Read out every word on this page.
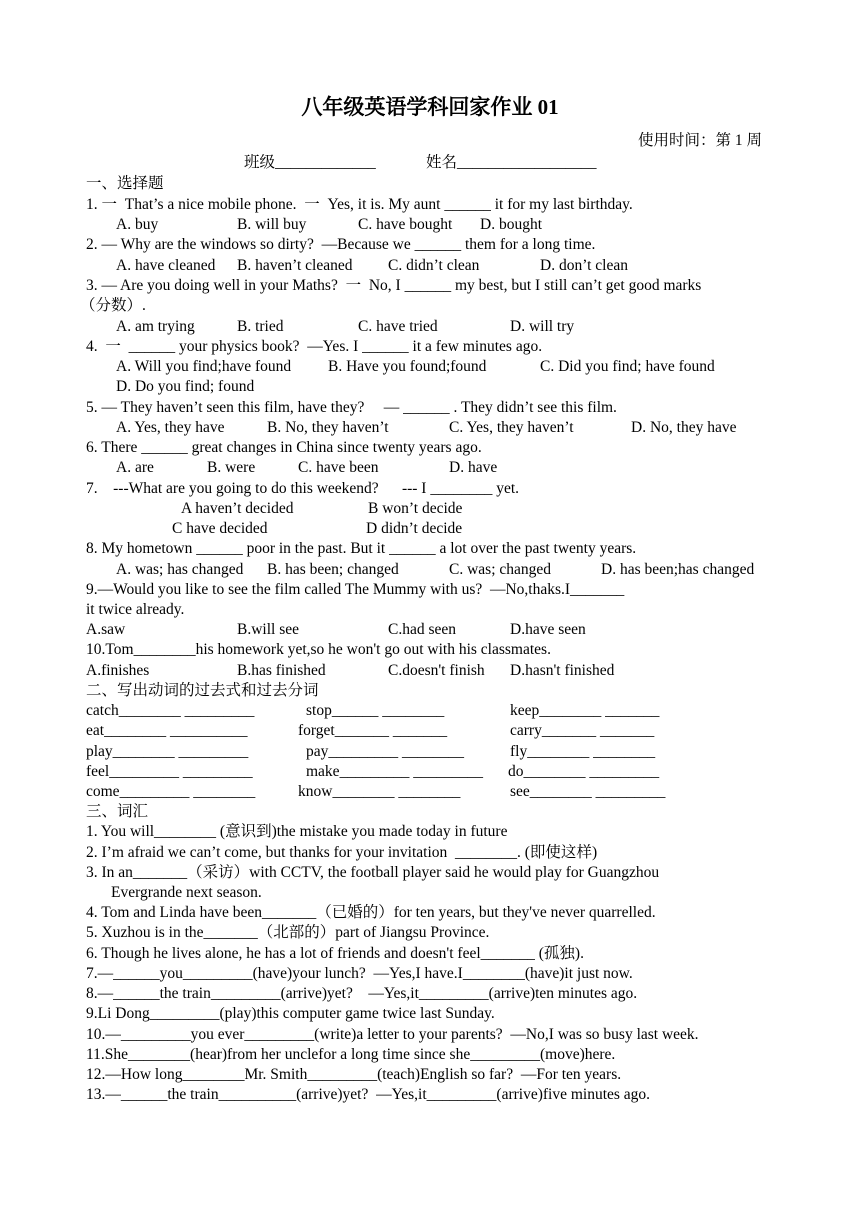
八年级英语学科回家作业 01
使用时间：第 1 周
班级_____________	姓名__________________
一、选择题
1. 一  That’s a nice mobile phone.  一  Yes, it is. My aunt ______ it for my last birthday.
A. buy	B. will buy	C. have bought D. bought
2. — Why are the windows so dirty?  —Because we ______ them for a long time.
A. have cleaned B. haven’t cleaned C. didn’t clean	D. don’t clean
3. — Are you doing well in your Maths?  一  No, I ______ my best, but I still can’t get good marks
（分数）.
A. am trying	B. tried	C. have tried	D. will try
4.  一  ______ your physics book?  —Yes. I ______ it a few minutes ago.
A. Will you find;have found B. Have you found;found	C. Did you find; have found
D. Do you find; found
5. — They haven’t seen this film, have they?     — ______ . They didn’t see this film.
A. Yes, they have	B. No, they haven’t	C. Yes, they haven’t	D. No, they have
6. There ______ great changes in China since twenty years ago.
A. are	B. were	C. have been	D. have
7.    ---What are you going to do this weekend?      --- I ________ yet.
A haven’t decided	B won’t decide
C have decided	D didn’t decide
8. My hometown ______ poor in the past. But it ______ a lot over the past twenty years.
A. was; has changed B. has been; changed	C. was; changed	D. has been;has changed
9.—Would you like to see the film called The Mummy with us?  —No,thaks.I_______
it twice already.
A.saw	B.will see	C.had seen	D.have seen
10.Tom________his homework yet,so he won't go out with his classmates.
A.finishes	B.has finished	C.doesn't finish D.hasn't finished
二、写出动词的过去式和过去分词
catch________ _________	stop______ ________	keep________ _______
eat________ __________	forget_______ _______	carry_______ _______
play________ _________	pay_________ ________	fly________ ________
feel_________ _________	make_________ _________ do________ _________
come_________ ________	know________ ________	see________ _________
三、词汇
1. You will________ (意识到)the mistake you made today in future
2. I’m afraid we can’t come, but thanks for your invitation  ________. (即使这样)
3. In an_______（采访）with CCTV, the football player said he would play for Guangzhou
Evergrande next season.
4. Tom and Linda have been_______（已婚的）for ten years, but they've never quarrelled.
5. Xuzhou is in the_______（北部的）part of Jiangsu Province.
6. Though he lives alone, he has a lot of friends and doesn't feel_______ (孤独).
7.—______you_________(have)your lunch?  —Yes,I have.I________(have)it just now.
8.—______the train_________(arrive)yet?    —Yes,it_________(arrive)ten minutes ago.
9.Li Dong_________(play)this computer game twice last Sunday.
10.—_________you ever_________(write)a letter to your parents?  —No,I was so busy last week.
11.She________(hear)from her unclefor a long time since she_________(move)here.
12.—How long________Mr. Smith_________(teach)English so far?  —For ten years.
13.—______the train__________(arrive)yet?  —Yes,it_________(arrive)five minutes ago.
